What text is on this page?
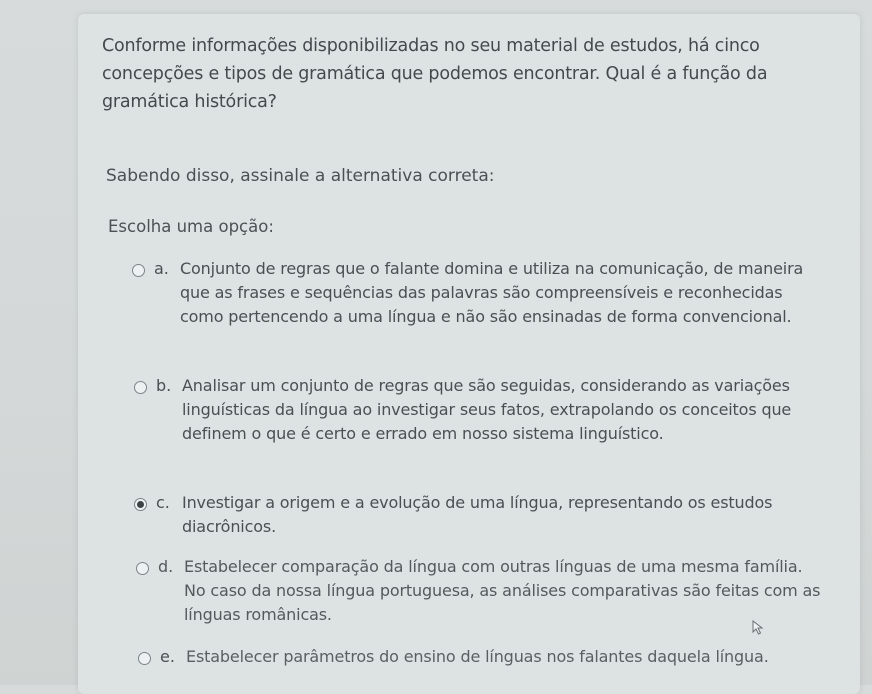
Conforme informações disponibilizadas no seu material de estudos, há cinco concepções e tipos de gramática que podemos encontrar. Qual é a função da gramática histórica?
Sabendo disso, assinale a alternativa correta:
Escolha uma opção:
a. Conjunto de regras que o falante domina e utiliza na comunicação, de maneira que as frases e sequências das palavras são compreensíveis e reconhecidas como pertencendo a uma língua e não são ensinadas de forma convencional.
b. Analisar um conjunto de regras que são seguidas, considerando as variações linguísticas da língua ao investigar seus fatos, extrapolando os conceitos que definem o que é certo e errado em nosso sistema linguístico.
c. Investigar a origem e a evolução de uma língua, representando os estudos diacrônicos.
d. Estabelecer comparação da língua com outras línguas de uma mesma família. No caso da nossa língua portuguesa, as análises comparativas são feitas com as línguas românicas.
e. Estabelecer parâmetros do ensino de línguas nos falantes daquela língua.
